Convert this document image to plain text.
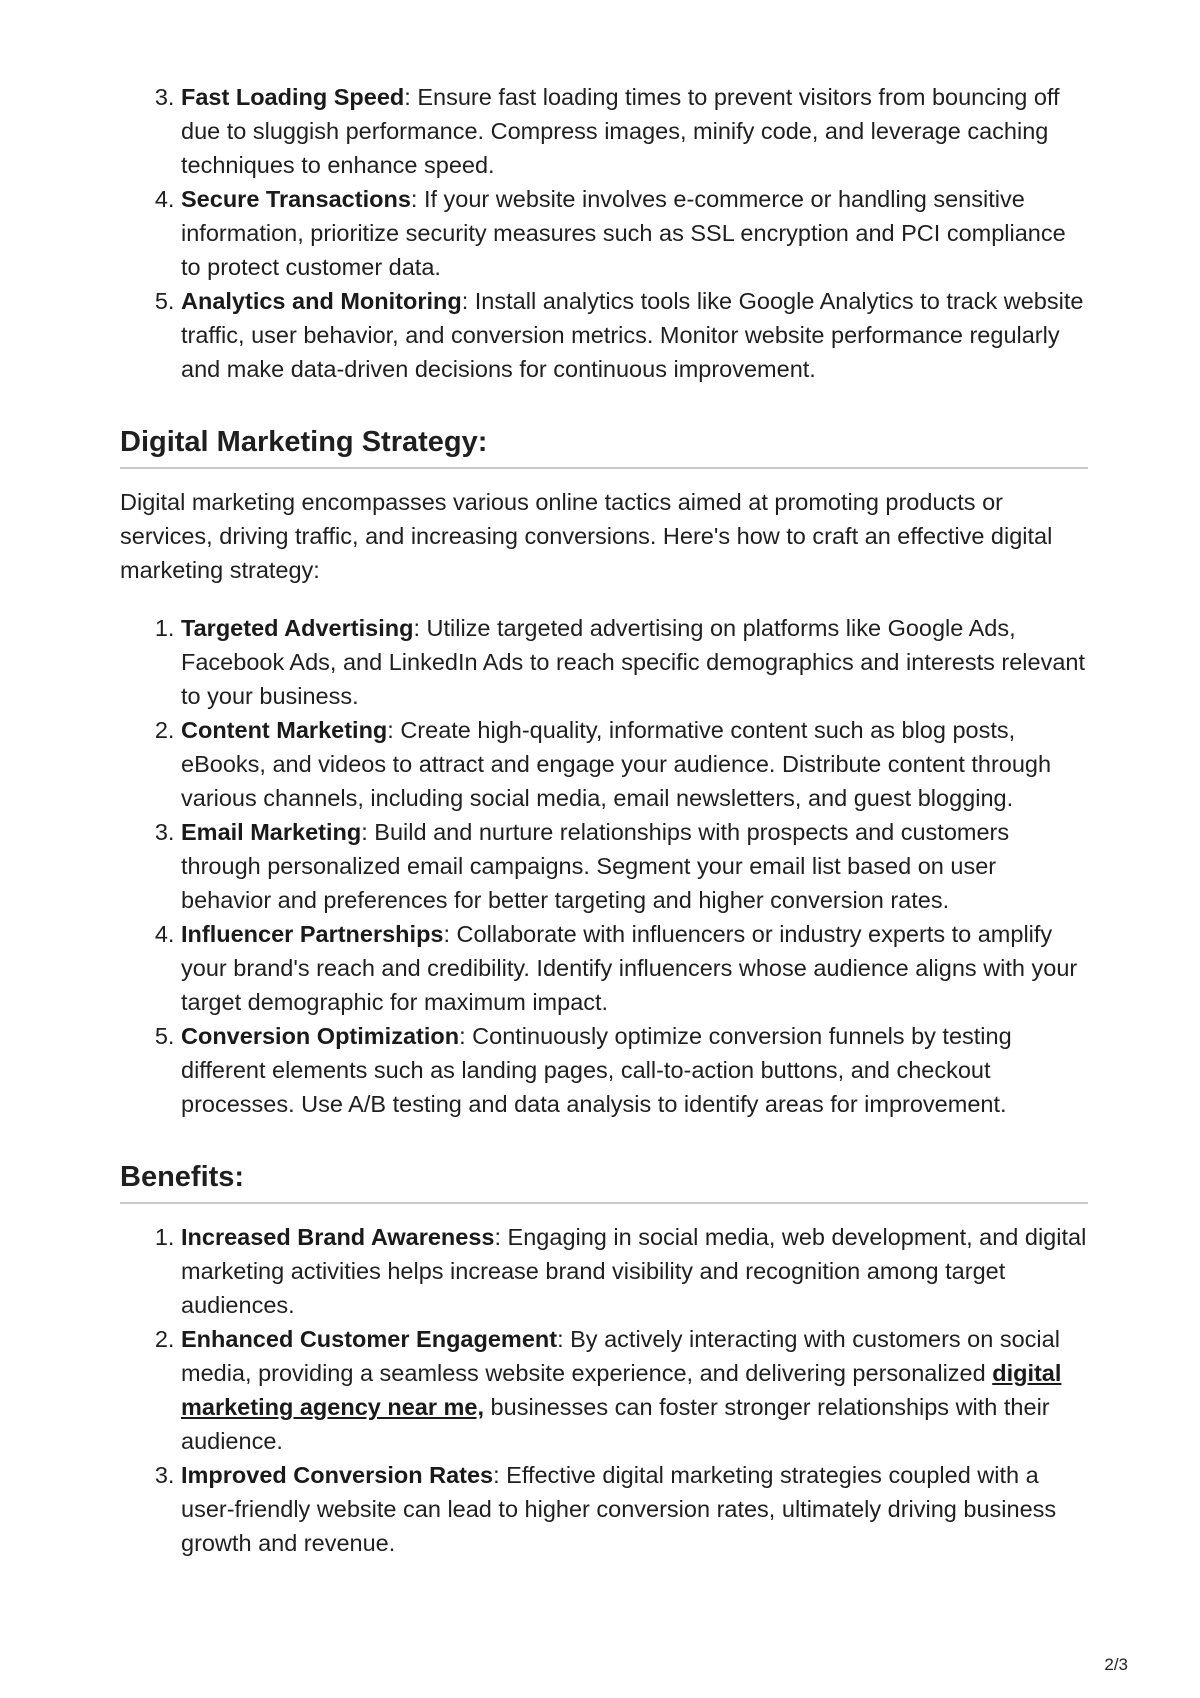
3. Fast Loading Speed: Ensure fast loading times to prevent visitors from bouncing off due to sluggish performance. Compress images, minify code, and leverage caching techniques to enhance speed.
4. Secure Transactions: If your website involves e-commerce or handling sensitive information, prioritize security measures such as SSL encryption and PCI compliance to protect customer data.
5. Analytics and Monitoring: Install analytics tools like Google Analytics to track website traffic, user behavior, and conversion metrics. Monitor website performance regularly and make data-driven decisions for continuous improvement.
Digital Marketing Strategy:

Digital marketing encompasses various online tactics aimed at promoting products or services, driving traffic, and increasing conversions. Here's how to craft an effective digital marketing strategy:

1. Targeted Advertising: Utilize targeted advertising on platforms like Google Ads, Facebook Ads, and LinkedIn Ads to reach specific demographics and interests relevant to your business.
2. Content Marketing: Create high-quality, informative content such as blog posts, eBooks, and videos to attract and engage your audience. Distribute content through various channels, including social media, email newsletters, and guest blogging.
3. Email Marketing: Build and nurture relationships with prospects and customers through personalized email campaigns. Segment your email list based on user behavior and preferences for better targeting and higher conversion rates.
4. Influencer Partnerships: Collaborate with influencers or industry experts to amplify your brand's reach and credibility. Identify influencers whose audience aligns with your target demographic for maximum impact.
5. Conversion Optimization: Continuously optimize conversion funnels by testing different elements such as landing pages, call-to-action buttons, and checkout processes. Use A/B testing and data analysis to identify areas for improvement.
Benefits:
1. Increased Brand Awareness: Engaging in social media, web development, and digital marketing activities helps increase brand visibility and recognition among target audiences.
2. Enhanced Customer Engagement: By actively interacting with customers on social media, providing a seamless website experience, and delivering personalized digital marketing agency near me, businesses can foster stronger relationships with their audience.
3. Improved Conversion Rates: Effective digital marketing strategies coupled with a user-friendly website can lead to higher conversion rates, ultimately driving business growth and revenue.
2/3
